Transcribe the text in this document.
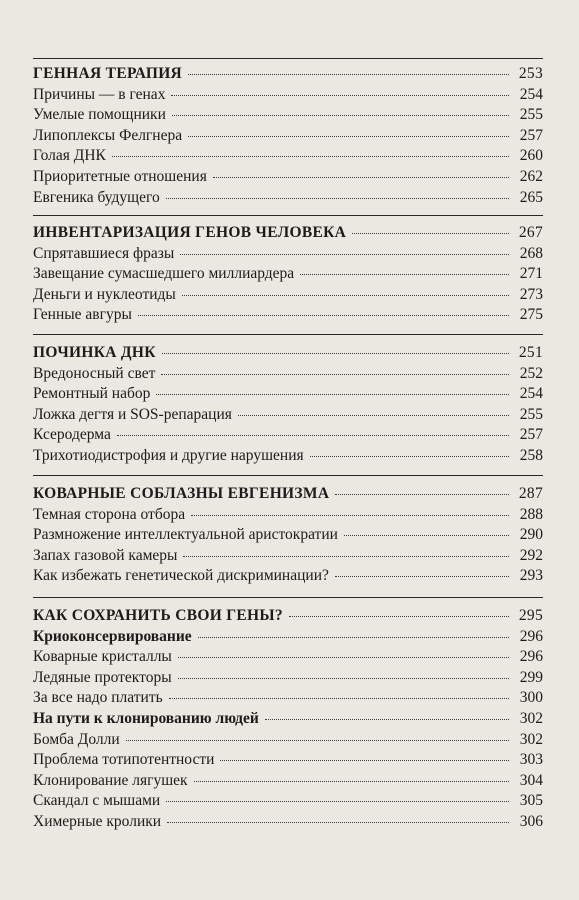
ГЕННАЯ ТЕРАПИЯ	253
Причины — в генах	254
Умелые помощники	255
Липоплексы Фелгнера	257
Голая ДНК	260
Приоритетные отношения	262
Евгеника будущего	265
ИНВЕНТАРИЗАЦИЯ ГЕНОВ ЧЕЛОВЕКА	267
Спрятавшиеся фразы	268
Завещание сумасшедшего миллиардера	271
Деньги и нуклеотиды	273
Генные авгуры	275
ПОЧИНКА ДНК	251
Вредоносный свет	252
Ремонтный набор	254
Ложка дегтя и SOS-репарация	255
Ксеродерма	257
Трихотиодистрофия и другие нарушения	258
КОВАРНЫЕ СОБЛАЗНЫ ЕВГЕНИЗМА	287
Темная сторона отбора	288
Размножение интеллектуальной аристократии	290
Запах газовой камеры	292
Как избежать генетической дискриминации?	293
КАК СОХРАНИТЬ СВОИ ГЕНЫ?	295
Криоконсервирование	296
Коварные кристаллы	296
Ледяные протекторы	299
За все надо платить	300
На пути к клонированию людей	302
Бомба Долли	302
Проблема тотипотентности	303
Клонирование лягушек	304
Скандал с мышами	305
Химерные кролики	306
